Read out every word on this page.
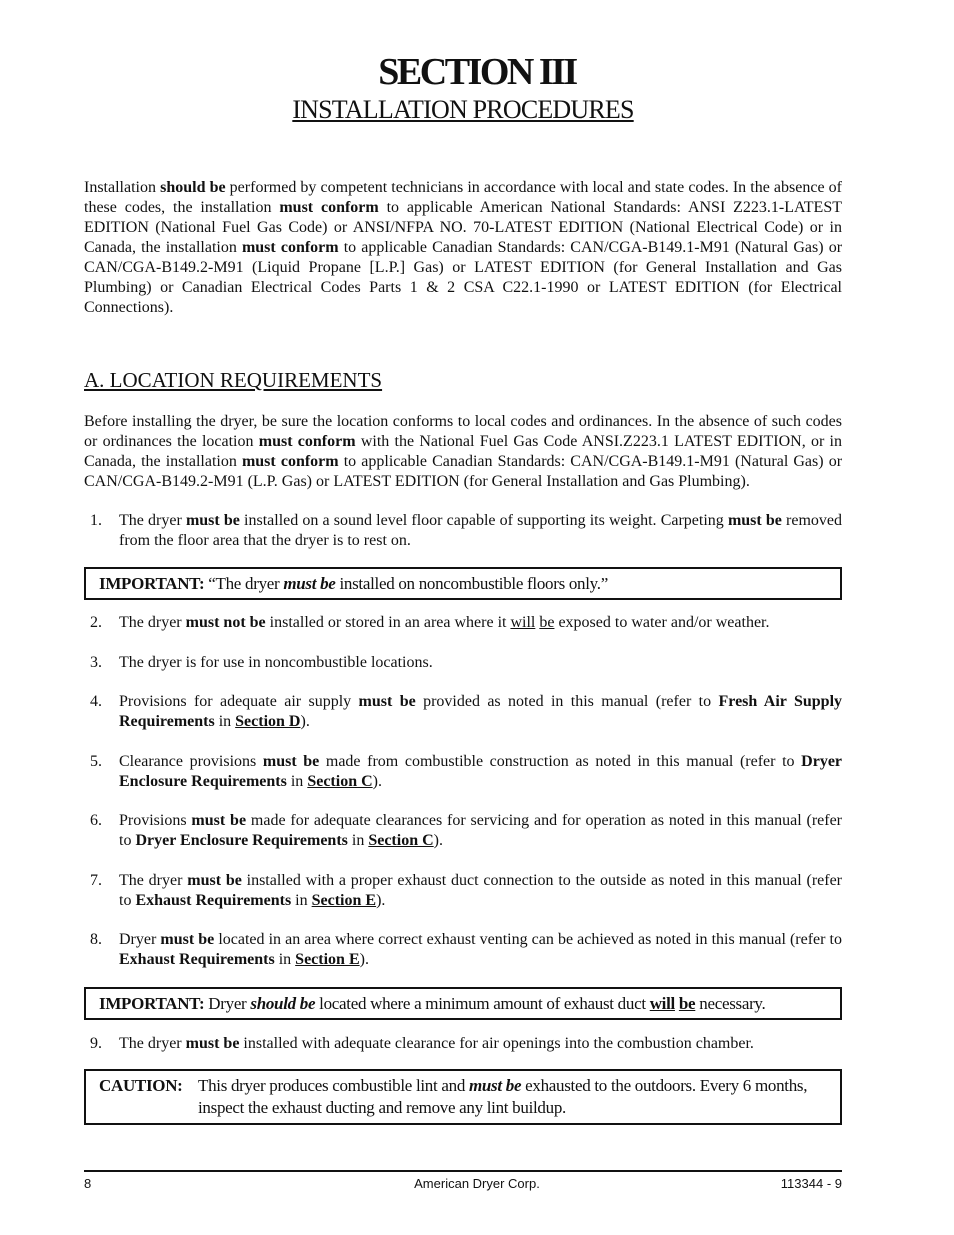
SECTION III
INSTALLATION PROCEDURES
Installation should be performed by competent technicians in accordance with local and state codes. In the absence of these codes, the installation must conform to applicable American National Standards: ANSI Z223.1-LATEST EDITION (National Fuel Gas Code) or ANSI/NFPA NO. 70-LATEST EDITION (National Electrical Code) or in Canada, the installation must conform to applicable Canadian Standards: CAN/CGA-B149.1-M91 (Natural Gas) or CAN/CGA-B149.2-M91 (Liquid Propane [L.P.] Gas) or LATEST EDITION (for General Installation and Gas Plumbing) or Canadian Electrical Codes Parts 1 & 2 CSA C22.1-1990 or LATEST EDITION (for Electrical Connections).
A. LOCATION REQUIREMENTS
Before installing the dryer, be sure the location conforms to local codes and ordinances. In the absence of such codes or ordinances the location must conform with the National Fuel Gas Code ANSI.Z223.1 LATEST EDITION, or in Canada, the installation must conform to applicable Canadian Standards: CAN/CGA-B149.1-M91 (Natural Gas) or CAN/CGA-B149.2-M91 (L.P. Gas) or LATEST EDITION (for General Installation and Gas Plumbing).
1. The dryer must be installed on a sound level floor capable of supporting its weight. Carpeting must be removed from the floor area that the dryer is to rest on.
IMPORTANT: “The dryer must be installed on noncombustible floors only.”
2. The dryer must not be installed or stored in an area where it will be exposed to water and/or weather.
3. The dryer is for use in noncombustible locations.
4. Provisions for adequate air supply must be provided as noted in this manual (refer to Fresh Air Supply Requirements in Section D).
5. Clearance provisions must be made from combustible construction as noted in this manual (refer to Dryer Enclosure Requirements in Section C).
6. Provisions must be made for adequate clearances for servicing and for operation as noted in this manual (refer to Dryer Enclosure Requirements in Section C).
7. The dryer must be installed with a proper exhaust duct connection to the outside as noted in this manual (refer to Exhaust Requirements in Section E).
8. Dryer must be located in an area where correct exhaust venting can be achieved as noted in this manual (refer to Exhaust Requirements in Section E).
IMPORTANT: Dryer should be located where a minimum amount of exhaust duct will be necessary.
9. The dryer must be installed with adequate clearance for air openings into the combustion chamber.
CAUTION: This dryer produces combustible lint and must be exhausted to the outdoors. Every 6 months, inspect the exhaust ducting and remove any lint buildup.
8	American Dryer Corp.	113344 - 9
